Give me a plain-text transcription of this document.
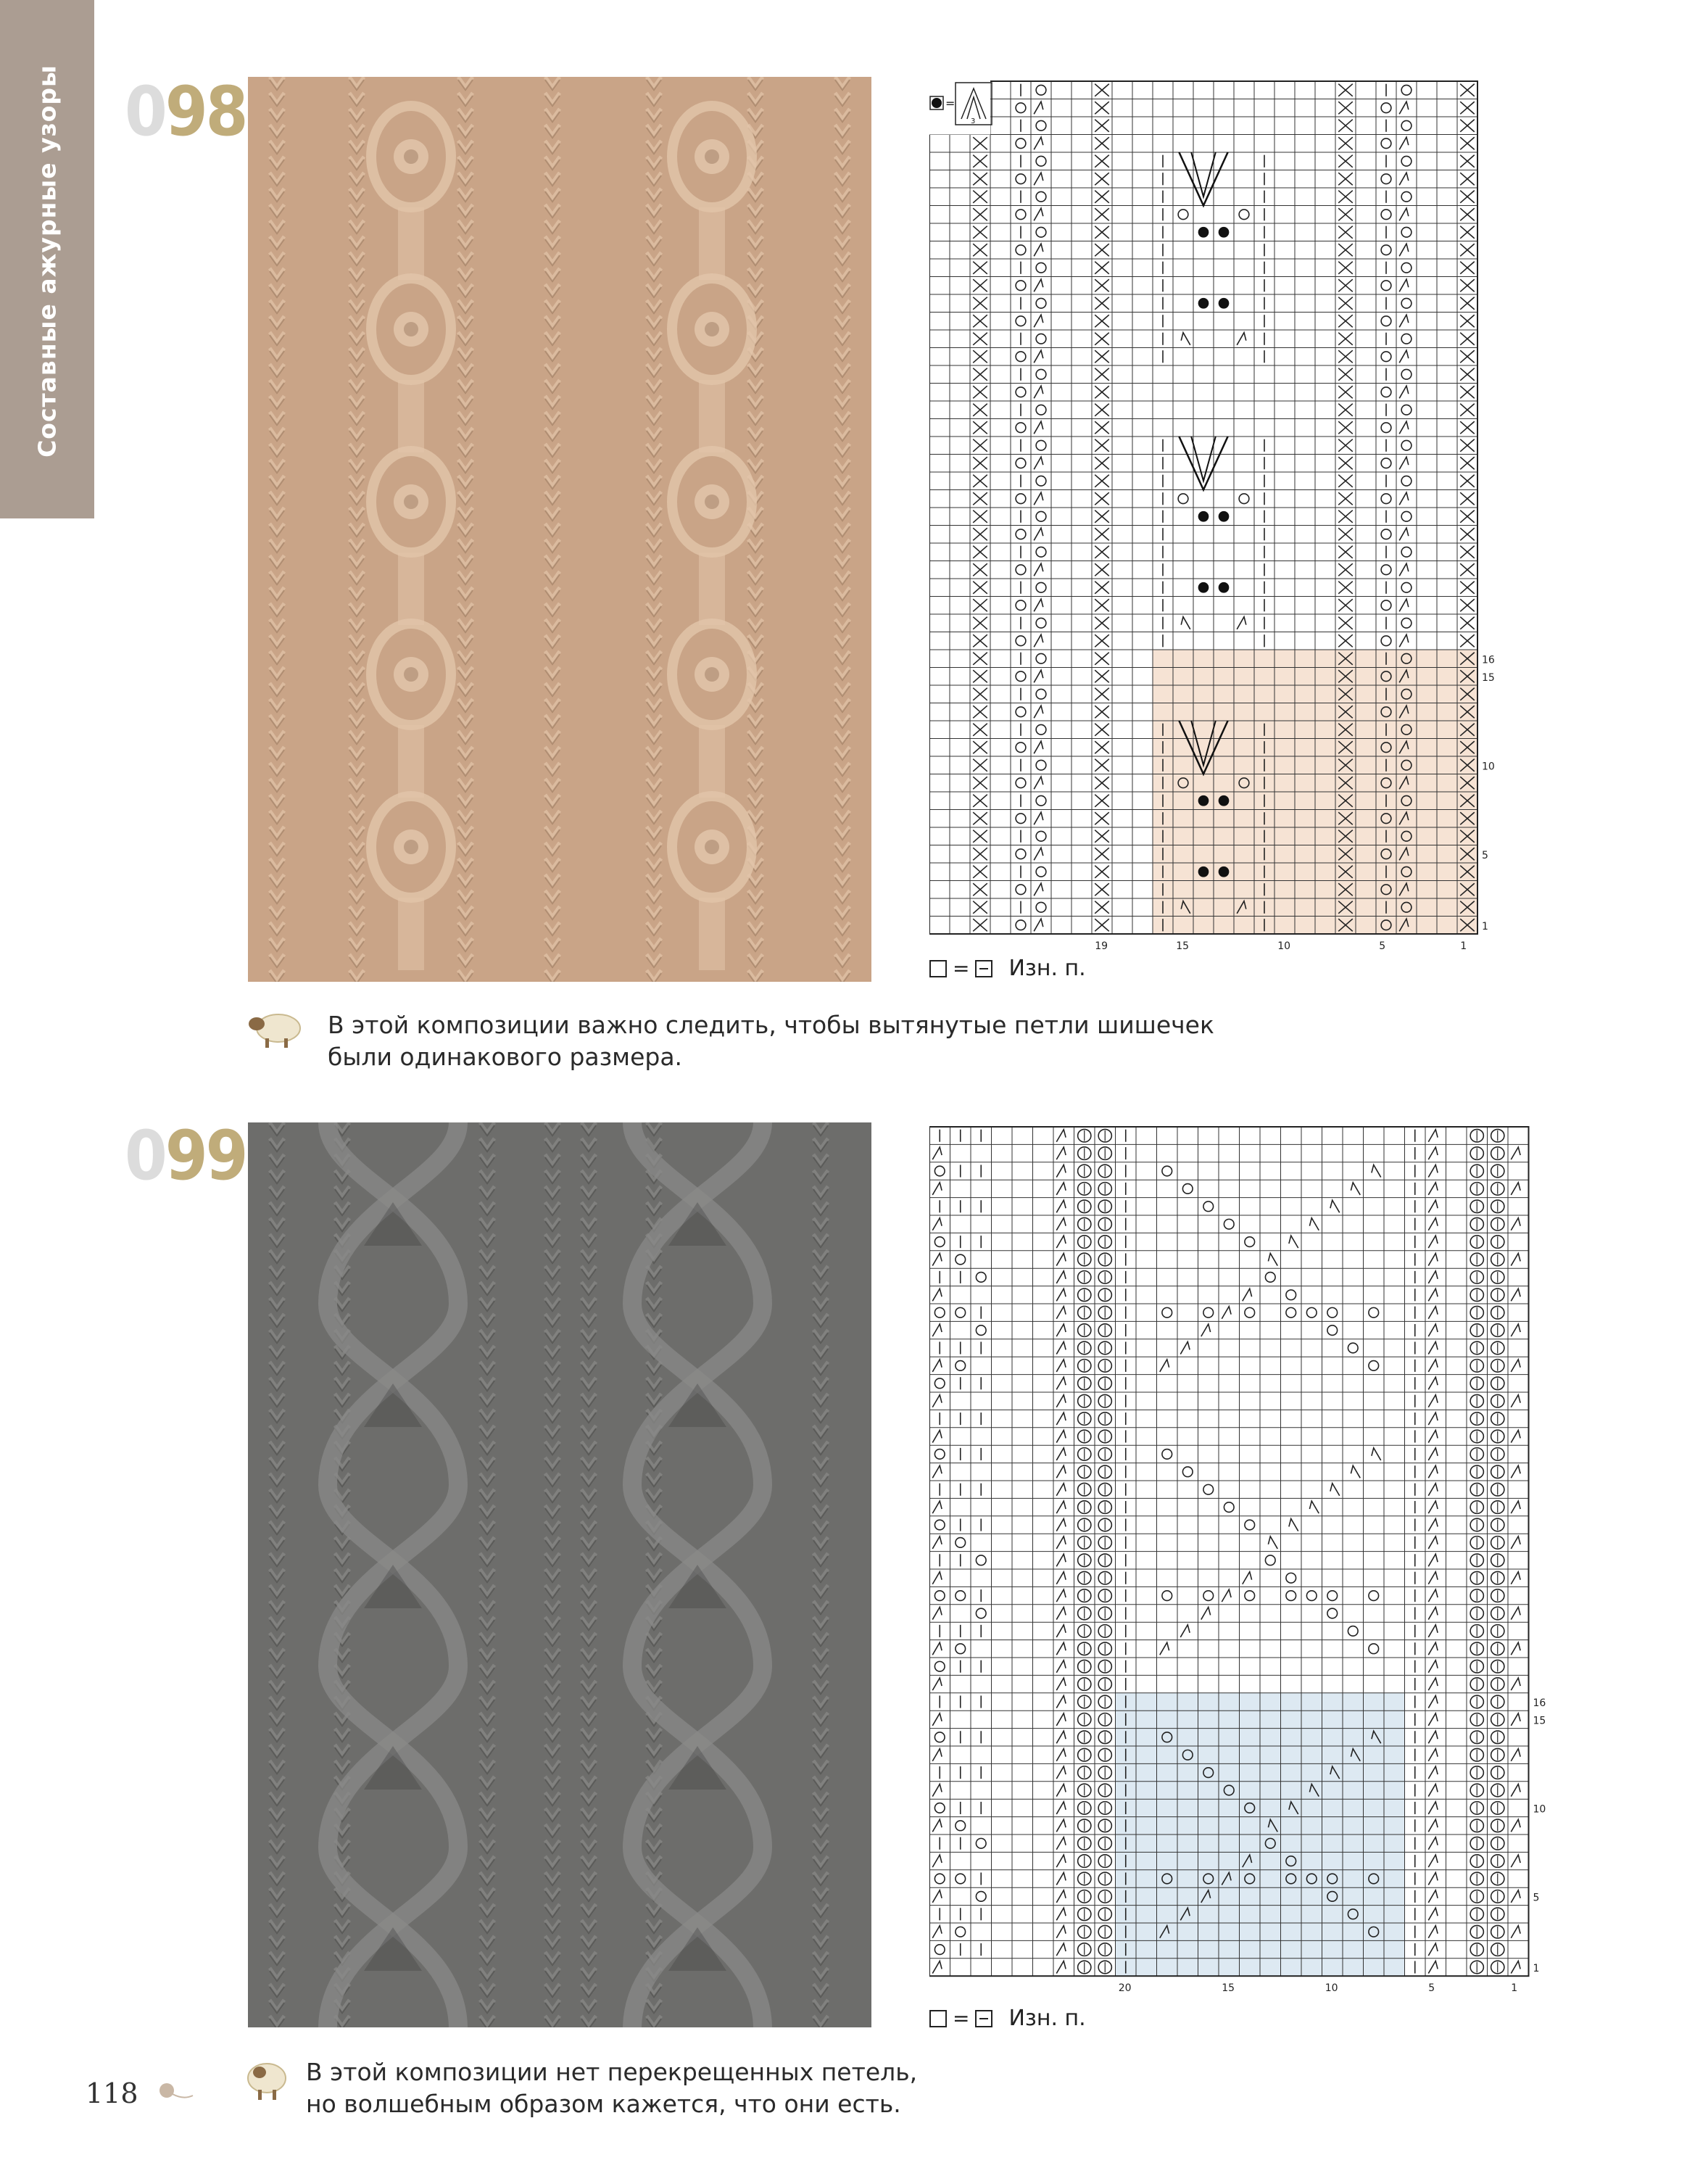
Составные ажурные узоры 098
16
15
10
5
1
19	15	10	5	1
=
3
= Изн. п.

В этой композиции важно следить, чтобы вытянутые петли шишечек

были одинакового размера.

099
16
15
10
5
1
20	15	10	5	1
= Изн. п.

В этой композиции нет перекрещенных петель,

но волшебным образом кажется, что они есть.

118
